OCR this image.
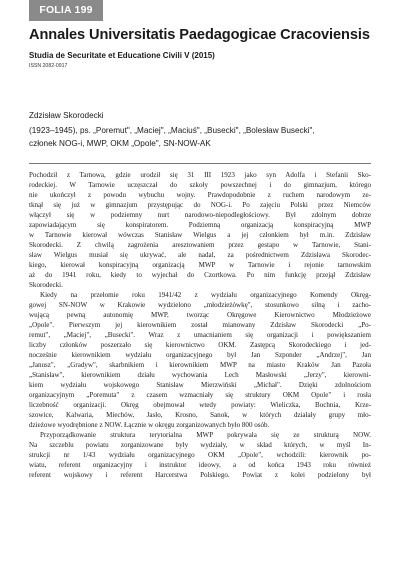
FOLIA 199
Annales Universitatis Paedagogicae Cracoviensis
Studia de Securitate et Educatione Civili V (2015)
ISSN 2082-0917
Zdzisław Skorodecki
(1923–1945), ps. „Poremut", „Maciej", „Maciuś", „Busecki", „Bolesław Busecki",
członek NOG-i, MWP, OKM „Opole", SN-NOW-AK
Pochodził z Tarnowa, gdzie urodził się 31 III 1923 jako syn Adolfa i Stefanii Sko-
rodeckiej. W Tarnowie uczęszczał do szkoły powszechnej i do gimnazjum, którego
nie ukończył z powodu wybuchu wojny. Prawdopodobnie z ruchem narodowym ze-
tknął się już w gimnazjum przystępując do NOG-i. Po zajęciu Polski przez Niemców
włączył się w podziemny nurt narodowo-niepodległościowy. Był zdolnym dobrze
zapowiadającym się konspiratorem. Podziemną organizacją konspiracyjną MWP
w Tarnowie kierował wówczas Stanisław Wielgus a jej członkiem był m.in. Zdzisław
Skorodecki. Z chwilą zagrożenia aresztowaniem przez gestapo w Tarnowie, Stani-
sław Wielgus musiał się ukrywać, ale nadal, za pośrednictwem Zdzisława Skorodec-
kiego, kierował konspiracyjną organizacją MWP w Tarnowie i rejonie tarnowskim
aż do 1941 roku, kiedy to wyjechał do Czortkowa. Po nim funkcję przejął Zdzisław
Skorodecki.
Kiedy na przełomie roku 1941/42 z wydziału organizacyjnego Komendy Okręg-
gowej SN-NOW w Krakowie wydzielono „młodzieżówkę", stosunkowo silną i zacho-
wującą pewną autonomię MWP, tworząc Okręgowe Kierownictwo Młodzieżowe
„Opole". Pierwszym jej kierownikiem został mianowany Zdzisław Skorodecki „Po-
remut", „Maciej", „Busecki". Wraz z umacnianiem się organizacji i powiększaniem
liczby członków poszerzało się kierownictwo OKM. Zastępcą Skorodeckiego i jed-
nocześnie kierownikiem wydziału organizacyjnego był Jan Szponder „Andrzej", Jan
„Janusz", „Gradyw", skarbnikiem i kierownikiem MWP na miasto Kraków Jan Pazoła
„Stanisław", kierownikiem działu wychowania Lech Masłowski „Jerzy", kierowni-
kiem wydziału wojskowego Stanisław Mierzwiński „Michał". Dzięki zdolnościom
organizacyjnym „Poremuta" z czasem wzmacniały się struktury OKM Opole" i rosła
liczebność organizacji. Okręg obejmował wtedy powiaty: Wieliczka, Bochnia, Krze-
szowice, Kalwaria, Miechów, Jasło, Krosno, Sanok, w których działały grupy mło-
dzieżowe wyodrębnione z NOW. Łącznie w okręgu zorganizowanych było 800 osób.
Przyporządkowanie struktura terytorialna MWP pokrywała się ze strukturą NOW.
Na szczeblu powiatu zorganizowane były wydziały, w skład których, w myśl In-
strukcji nr 1/43 wydziału organizacyjnego OKM „Opole", wchodzili: kierownik po-
wiatu, referent organizacyjny i instruktor ideowy, a od końca 1943 roku również
referent wojskowy i referent Harcerstwa Polskiego. Powiat z kolei podzielony był
